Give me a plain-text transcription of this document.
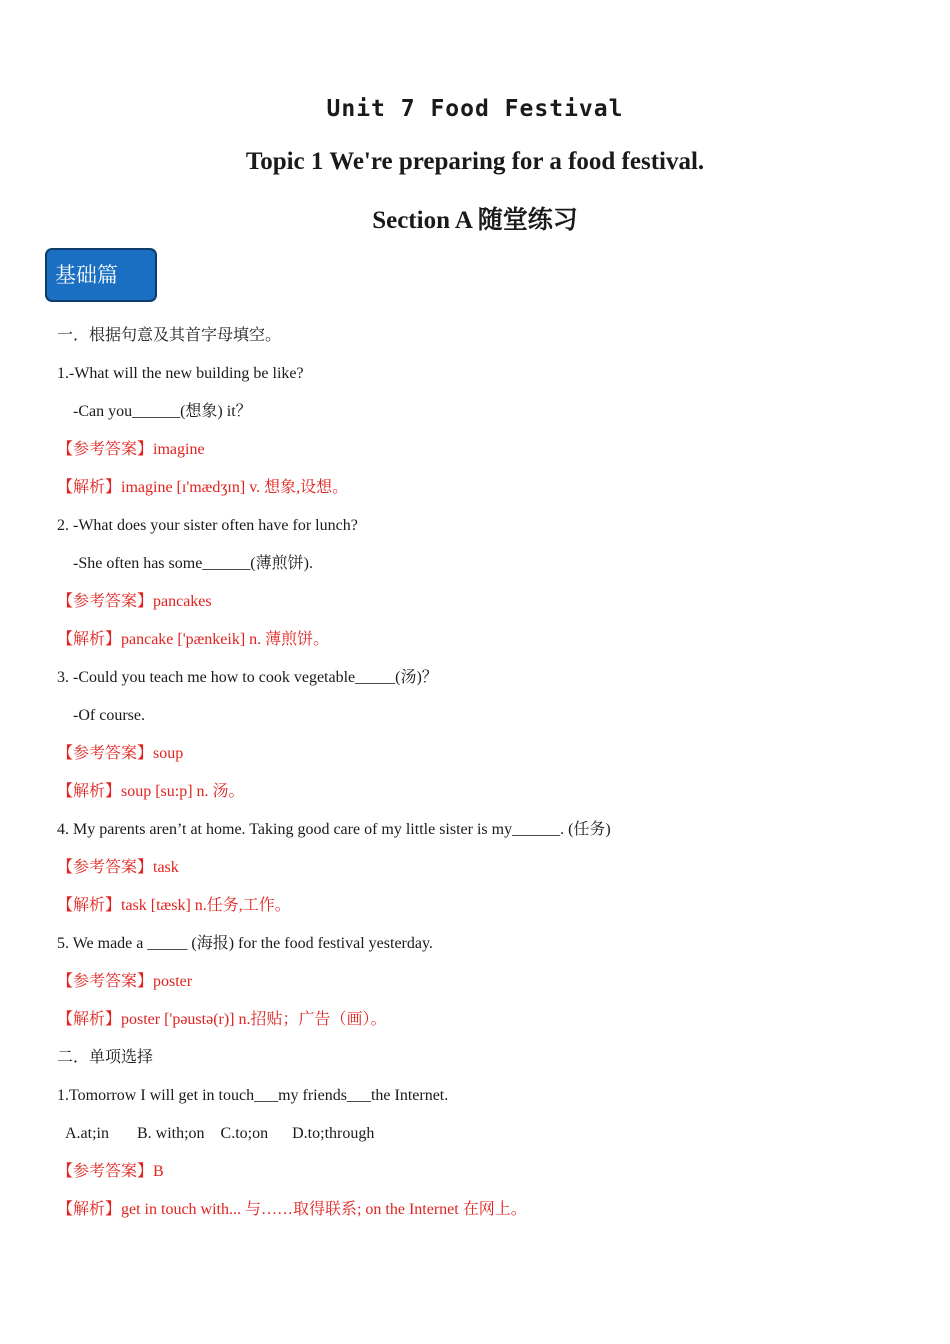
Unit 7 Food Festival
Topic 1 We're preparing for a food festival.
Section A 随堂练习
基础篇
一．根据句意及其首字母填空。
1.-What will the new building be like?
-Can you______(想象) it？
【参考答案】imagine
【解析】imagine [ɪ'mædʒɪn] v. 想象,设想。
2. -What does your sister often have for lunch?
-She often has some______(薄煎饼).
【参考答案】pancakes
【解析】pancake ['pænkeik] n. 薄煎饼。
3. -Could you teach me how to cook vegetable_____(汤)？
-Of course.
【参考答案】soup
【解析】soup [su:p] n. 汤。
4. My parents aren’t at home. Taking good care of my little sister is my______. (任务)
【参考答案】task
【解析】task [tæsk] n.任务,工作。
5. We made a _____ (海报) for the food festival yesterday.
【参考答案】poster
【解析】poster ['pəustə(r)] n.招贴；广告（画）。
二．单项选择
1.Tomorrow I will get in touch___my friends___the Internet.
A.at;in       B. with;on    C.to;on      D.to;through
【参考答案】B
【解析】get in touch with... 与……取得联系; on the Internet 在网上。
